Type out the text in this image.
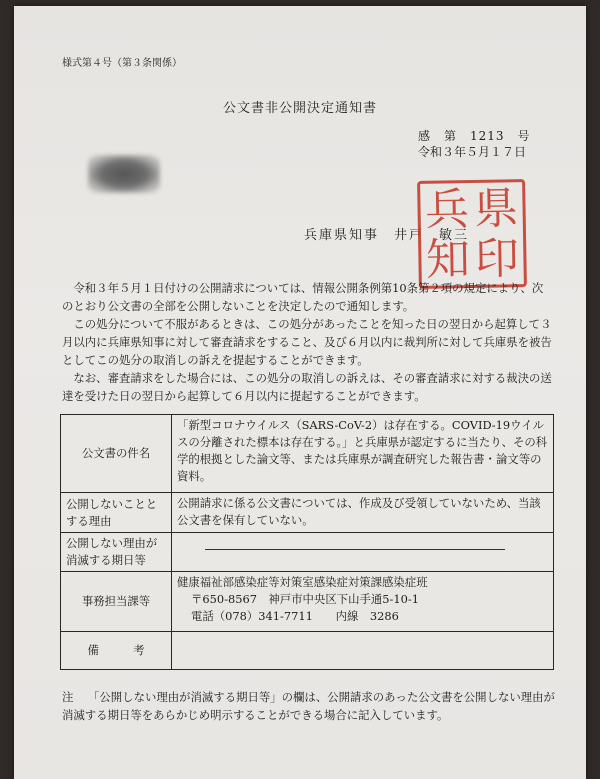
様式第４号（第３条関係）
公文書非公開決定通知書
感　第　1213　号
令和３年５月１７日
兵庫県知事　井戸　敏三
兵 県
知 印

令和３年５月１日付けの公開請求については、情報公開条例第10条第２項の規定により、次のとおり公文書の全部を公開しないことを決定したので通知します。

この処分について不服があるときは、この処分があったことを知った日の翌日から起算して３月以内に兵庫県知事に対して審査請求をすること、及び６月以内に裁判所に対して兵庫県を被告としてこの処分の取消しの訴えを提起することができます。

なお、審査請求をした場合には、この処分の取消しの訴えは、その審査請求に対する裁決の送達を受けた日の翌日から起算して６月以内に提起することができます。

公文書の件名	「新型コロナウイルス（SARS-CoV-2）は存在する。COVID-19ウイルスの分離された標本は存在する。」と兵庫県が認定するに当たり、その科学的根拠とした論文等、または兵庫県が調査研究した報告書・論文等の資料。
公開しないこととする理由	公開請求に係る公文書については、作成及び受領していないため、当該公文書を保有していない。
公開しない理由が消滅する期日等	

事務担当課等	健康福祉部感染症等対策室感染症対策課感染症班

〒650-8567　神戸市中央区下山手通5-10-1
電話（078）341-7711　　内線　3286

備　　　考	
注 「公開しない理由が消滅する期日等」の欄は、公開請求のあった公文書を公開しない理由が消滅する期日等をあらかじめ明示することができる場合に記入しています。
